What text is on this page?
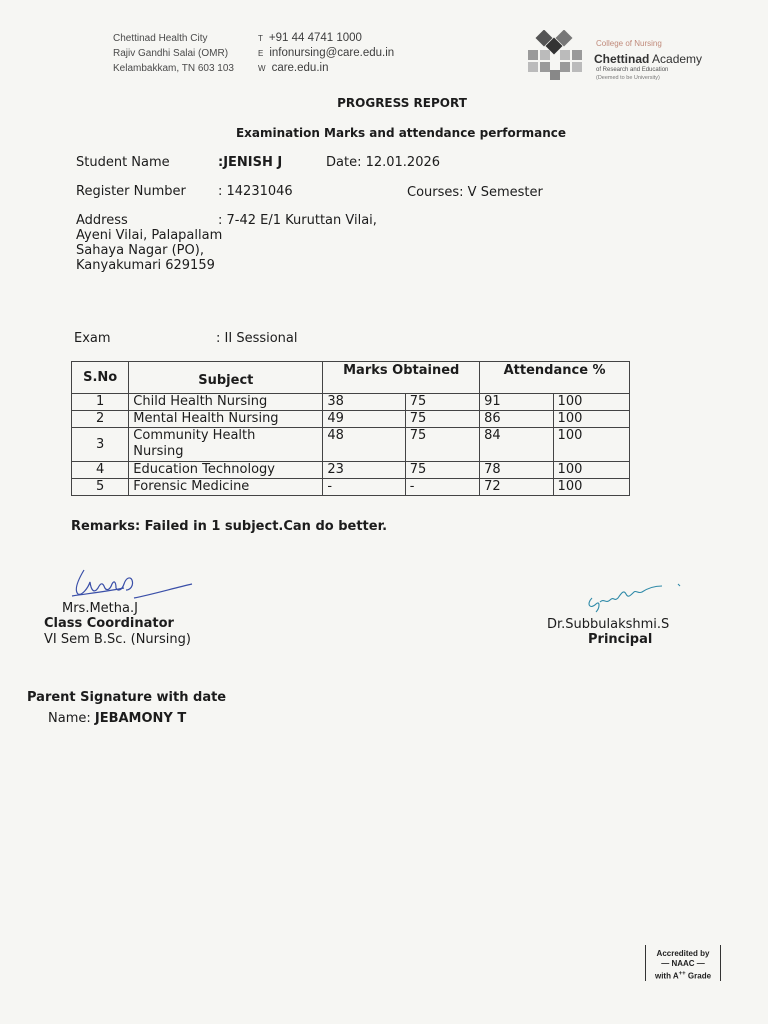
Chettinad Health City
Rajiv Gandhi Salai (OMR)
Kelambakkam, TN 603 103
T +91 44 4741 1000
E infonursing@care.edu.in
W care.edu.in
College of Nursing
Chettinad Academy
of Research and Education
(Deemed to be University)
PROGRESS REPORT
Examination Marks and attendance performance
Student Name	:JENISH J	Date: 12.01.2026
Register Number : 14231046	Courses: V Semester
Address	: 7-42 E/1 Kuruttan Vilai,
Ayeni Vilai, Palapallam
Sahaya Nagar (PO),
Kanyakumari 629159
Exam	: II Sessional
S.No	Subject	Marks Obtained		Attendance %	
1	Child Health Nursing	38	75	91	100
2	Mental Health Nursing	49	75	86	100
3	Community Health Nursing	48	75	84	100
4	Education Technology	23	75	78	100
5	Forensic Medicine	-	-	72	100
Remarks: Failed in 1 subject.Can do better.
Mrs.Metha.J
Class Coordinator
VI Sem B.Sc. (Nursing)
Dr.Subbulakshmi.S
Principal
Parent Signature with date
Name: JEBAMONY T
Accredited by
— NAAC —
with A++ Grade
